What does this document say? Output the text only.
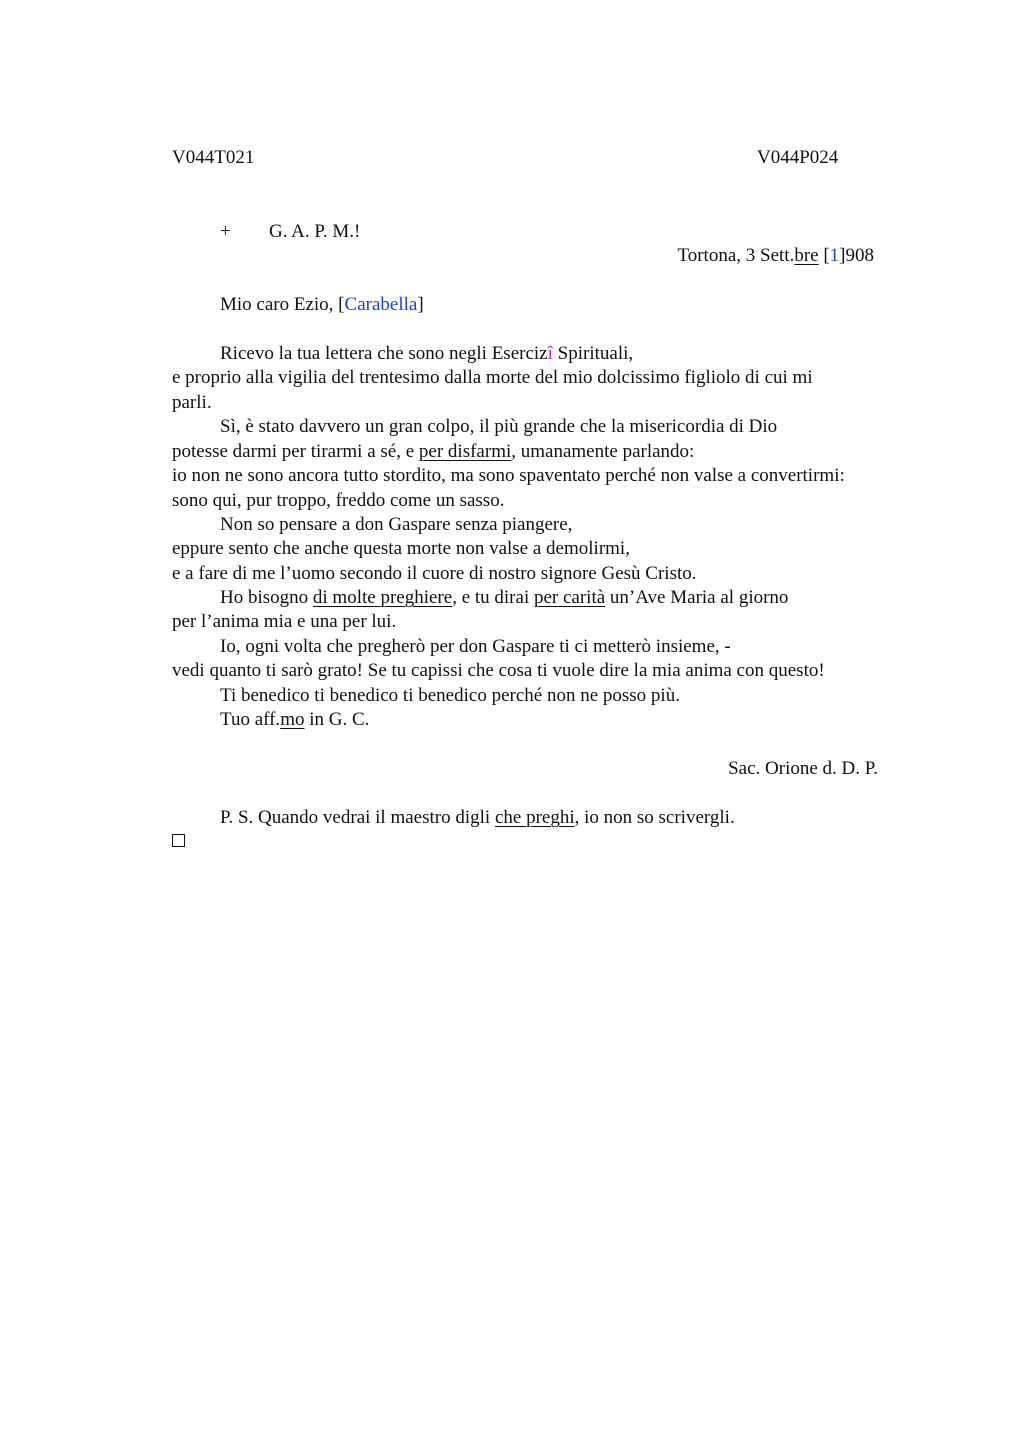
V044T021	V044P024
+ G. A. P. M.!
Tortona, 3 Sett.bre [1]908
Mio caro Ezio, [Carabella]
Ricevo la tua lettera che sono negli Esercizî Spirituali,
e proprio alla vigilia del trentesimo dalla morte del mio dolcissimo figliolo di cui mi
parli.
Sì, è stato davvero un gran colpo, il più grande che la misericordia di Dio
potesse darmi per tirarmi a sé, e per disfarmi, umanamente parlando:
io non ne sono ancora tutto stordito, ma sono spaventato perché non valse a convertirmi:
sono qui, pur troppo, freddo come un sasso.
Non so pensare a don Gaspare senza piangere,
eppure sento che anche questa morte non valse a demolirmi,
e a fare di me l’uomo secondo il cuore di nostro signore Gesù Cristo.
Ho bisogno di molte preghiere, e tu dirai per carità un’Ave Maria al giorno
per l’anima mia e una per lui.
Io, ogni volta che pregherò per don Gaspare ti ci metterò insieme, -
vedi quanto ti sarò grato! Se tu capissi che cosa ti vuole dire la mia anima con questo!
Ti benedico ti benedico ti benedico perché non ne posso più.
Tuo aff.mo in G. C.
Sac. Orione d. D. P.
P. S. Quando vedrai il maestro digli che preghi, io non so scrivergli.
